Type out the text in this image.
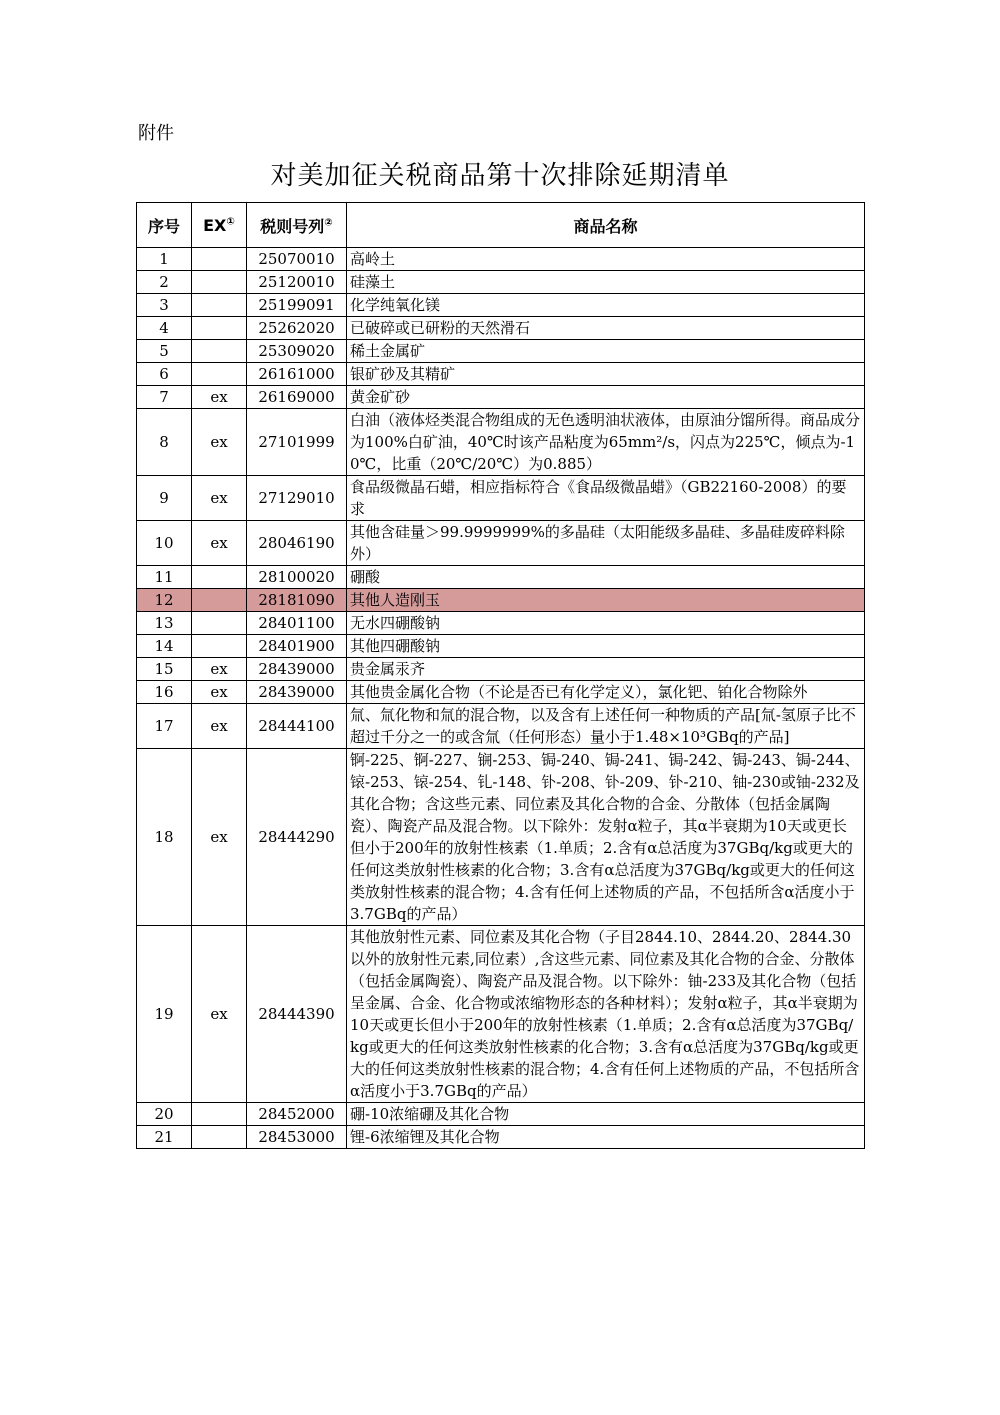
附件
对美加征关税商品第十次排除延期清单
序号	EX①	税则号列②	商品名称
1		25070010	高岭土
2		25120010	硅藻土
3		25199091	化学纯氧化镁
4		25262020	已破碎或已研粉的天然滑石
5		25309020	稀土金属矿
6		26161000	银矿砂及其精矿
7	ex	26169000	黄金矿砂
8	ex	27101999	白油（液体烃类混合物组成的无色透明油状液体，由原油分馏所得。商品成分为100%白矿油，40℃时该产品粘度为65mm²/s，闪点为225℃，倾点为-10℃，比重（20℃/20℃）为0.885）
9	ex	27129010	食品级微晶石蜡，相应指标符合《食品级微晶蜡》（GB22160-2008）的要求
10	ex	28046190	其他含硅量＞99.9999999%的多晶硅（太阳能级多晶硅、多晶硅废碎料除外）
11		28100020	硼酸
12		28181090	其他人造刚玉
13		28401100	无水四硼酸钠
14		28401900	其他四硼酸钠
15	ex	28439000	贵金属汞齐
16	ex	28439000	其他贵金属化合物（不论是否已有化学定义），氯化钯、铂化合物除外
17	ex	28444100	氚、氚化物和氚的混合物，以及含有上述任何一种物质的产品[氚-氢原子比不超过千分之一的或含氚（任何形态）量小于1.48×10³GBq的产品]
18	ex	28444290	锕-225、锕-227、锎-253、锔-240、锔-241、锔-242、锔-243、锔-244、锿-253、锿-254、钆-148、钋-208、钋-209、钋-210、铀-230或铀-232及其化合物；含这些元素、同位素及其化合物的合金、分散体（包括金属陶瓷）、陶瓷产品及混合物。以下除外：发射α粒子，其α半衰期为10天或更长但小于200年的放射性核素（1.单质；2.含有α总活度为37GBq/kg或更大的任何这类放射性核素的化合物；3.含有α总活度为37GBq/kg或更大的任何这类放射性核素的混合物；4.含有任何上述物质的产品，不包括所含α活度小于3.7GBq的产品）
19	ex	28444390	其他放射性元素、同位素及其化合物（子目2844.10、2844.20、2844.30以外的放射性元素,同位素）,含这些元素、同位素及其化合物的合金、分散体（包括金属陶瓷）、陶瓷产品及混合物。以下除外：铀-233及其化合物（包括呈金属、合金、化合物或浓缩物形态的各种材料）；发射α粒子，其α半衰期为10天或更长但小于200年的放射性核素（1.单质；2.含有α总活度为37GBq/kg或更大的任何这类放射性核素的化合物；3.含有α总活度为37GBq/kg或更大的任何这类放射性核素的混合物；4.含有任何上述物质的产品，不包括所含α活度小于3.7GBq的产品）
20		28452000	硼-10浓缩硼及其化合物
21		28453000	锂-6浓缩锂及其化合物
